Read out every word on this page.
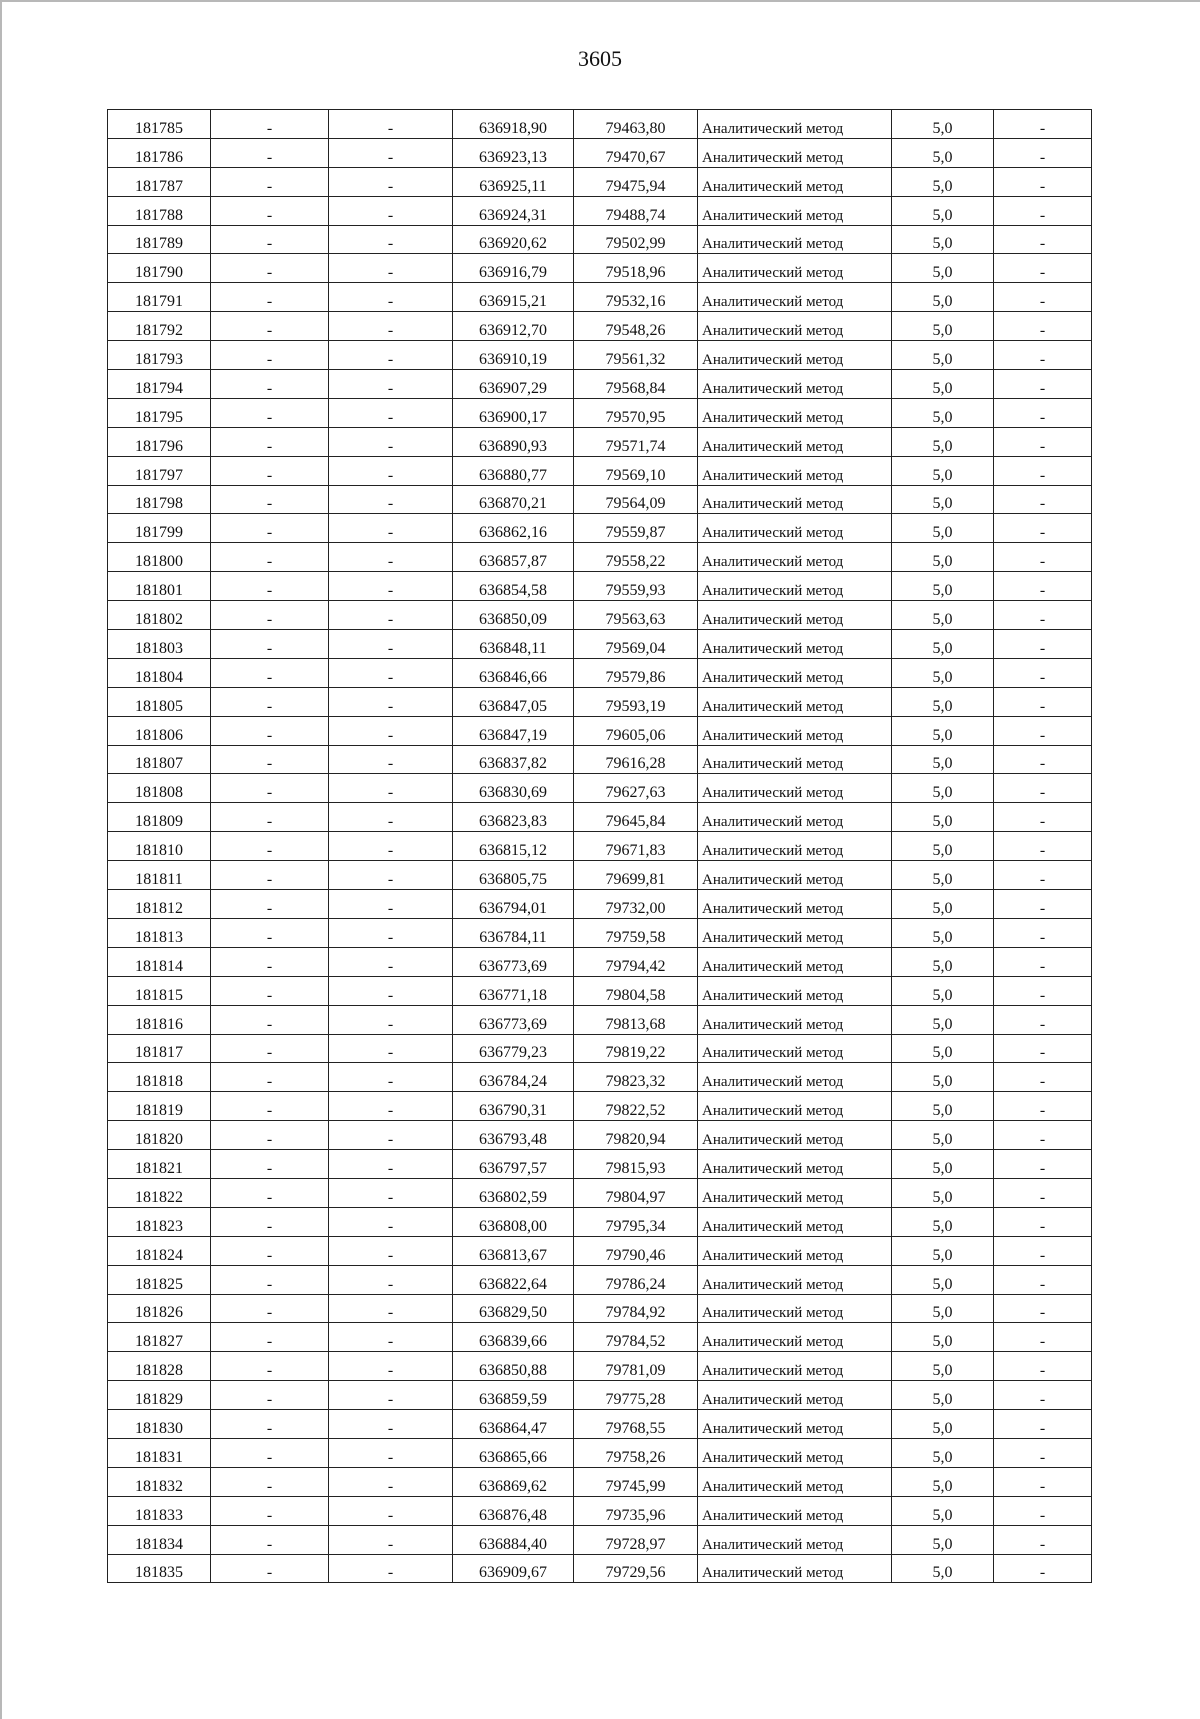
3605
181785	-	-	636918,90	79463,80	Аналитический метод	5,0	-
181786	-	-	636923,13	79470,67	Аналитический метод	5,0	-
181787	-	-	636925,11	79475,94	Аналитический метод	5,0	-
181788	-	-	636924,31	79488,74	Аналитический метод	5,0	-
181789	-	-	636920,62	79502,99	Аналитический метод	5,0	-
181790	-	-	636916,79	79518,96	Аналитический метод	5,0	-
181791	-	-	636915,21	79532,16	Аналитический метод	5,0	-
181792	-	-	636912,70	79548,26	Аналитический метод	5,0	-
181793	-	-	636910,19	79561,32	Аналитический метод	5,0	-
181794	-	-	636907,29	79568,84	Аналитический метод	5,0	-
181795	-	-	636900,17	79570,95	Аналитический метод	5,0	-
181796	-	-	636890,93	79571,74	Аналитический метод	5,0	-
181797	-	-	636880,77	79569,10	Аналитический метод	5,0	-
181798	-	-	636870,21	79564,09	Аналитический метод	5,0	-
181799	-	-	636862,16	79559,87	Аналитический метод	5,0	-
181800	-	-	636857,87	79558,22	Аналитический метод	5,0	-
181801	-	-	636854,58	79559,93	Аналитический метод	5,0	-
181802	-	-	636850,09	79563,63	Аналитический метод	5,0	-
181803	-	-	636848,11	79569,04	Аналитический метод	5,0	-
181804	-	-	636846,66	79579,86	Аналитический метод	5,0	-
181805	-	-	636847,05	79593,19	Аналитический метод	5,0	-
181806	-	-	636847,19	79605,06	Аналитический метод	5,0	-
181807	-	-	636837,82	79616,28	Аналитический метод	5,0	-
181808	-	-	636830,69	79627,63	Аналитический метод	5,0	-
181809	-	-	636823,83	79645,84	Аналитический метод	5,0	-
181810	-	-	636815,12	79671,83	Аналитический метод	5,0	-
181811	-	-	636805,75	79699,81	Аналитический метод	5,0	-
181812	-	-	636794,01	79732,00	Аналитический метод	5,0	-
181813	-	-	636784,11	79759,58	Аналитический метод	5,0	-
181814	-	-	636773,69	79794,42	Аналитический метод	5,0	-
181815	-	-	636771,18	79804,58	Аналитический метод	5,0	-
181816	-	-	636773,69	79813,68	Аналитический метод	5,0	-
181817	-	-	636779,23	79819,22	Аналитический метод	5,0	-
181818	-	-	636784,24	79823,32	Аналитический метод	5,0	-
181819	-	-	636790,31	79822,52	Аналитический метод	5,0	-
181820	-	-	636793,48	79820,94	Аналитический метод	5,0	-
181821	-	-	636797,57	79815,93	Аналитический метод	5,0	-
181822	-	-	636802,59	79804,97	Аналитический метод	5,0	-
181823	-	-	636808,00	79795,34	Аналитический метод	5,0	-
181824	-	-	636813,67	79790,46	Аналитический метод	5,0	-
181825	-	-	636822,64	79786,24	Аналитический метод	5,0	-
181826	-	-	636829,50	79784,92	Аналитический метод	5,0	-
181827	-	-	636839,66	79784,52	Аналитический метод	5,0	-
181828	-	-	636850,88	79781,09	Аналитический метод	5,0	-
181829	-	-	636859,59	79775,28	Аналитический метод	5,0	-
181830	-	-	636864,47	79768,55	Аналитический метод	5,0	-
181831	-	-	636865,66	79758,26	Аналитический метод	5,0	-
181832	-	-	636869,62	79745,99	Аналитический метод	5,0	-
181833	-	-	636876,48	79735,96	Аналитический метод	5,0	-
181834	-	-	636884,40	79728,97	Аналитический метод	5,0	-
181835	-	-	636909,67	79729,56	Аналитический метод	5,0	-
